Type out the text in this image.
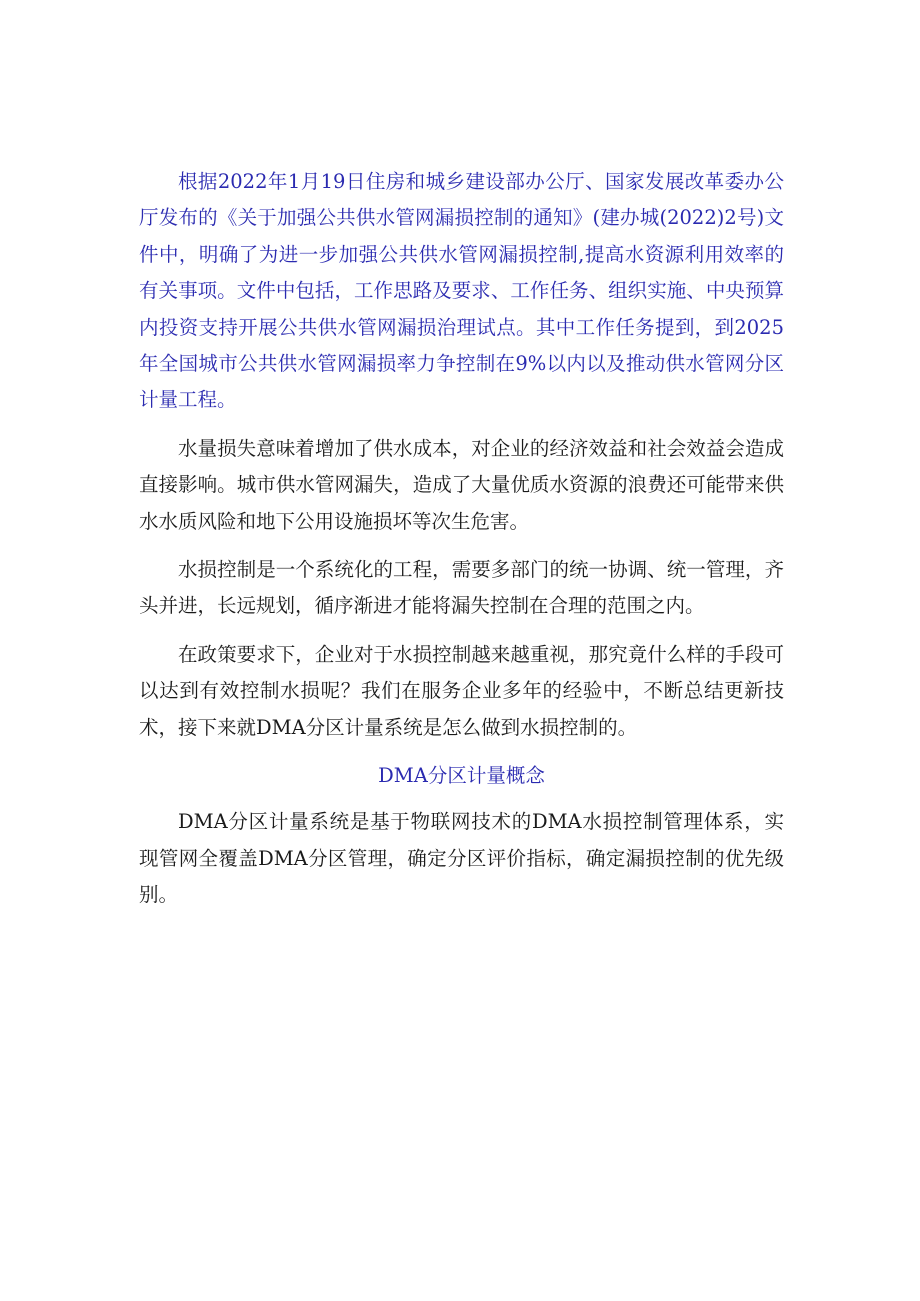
根据2022年1月19日住房和城乡建设部办公厅、国家发展改革委办公厅发布的《关于加强公共供水管网漏损控制的通知》(建办城(2022)2号)文件中，明确了为进一步加强公共供水管网漏损控制,提高水资源利用效率的有关事项。文件中包括，工作思路及要求、工作任务、组织实施、中央预算内投资支持开展公共供水管网漏损治理试点。其中工作任务提到，到2025年全国城市公共供水管网漏损率力争控制在9%以内以及推动供水管网分区计量工程。

水量损失意味着增加了供水成本，对企业的经济效益和社会效益会造成直接影响。城市供水管网漏失，造成了大量优质水资源的浪费还可能带来供水水质风险和地下公用设施损坏等次生危害。

水损控制是一个系统化的工程，需要多部门的统一协调、统一管理，齐头并进，长远规划，循序渐进才能将漏失控制在合理的范围之内。

在政策要求下，企业对于水损控制越来越重视，那究竟什么样的手段可以达到有效控制水损呢？我们在服务企业多年的经验中，不断总结更新技术，接下来就DMA分区计量系统是怎么做到水损控制的。

DMA分区计量概念

DMA分区计量系统是基于物联网技术的DMA水损控制管理体系，实现管网全覆盖DMA分区管理，确定分区评价指标，确定漏损控制的优先级别。
